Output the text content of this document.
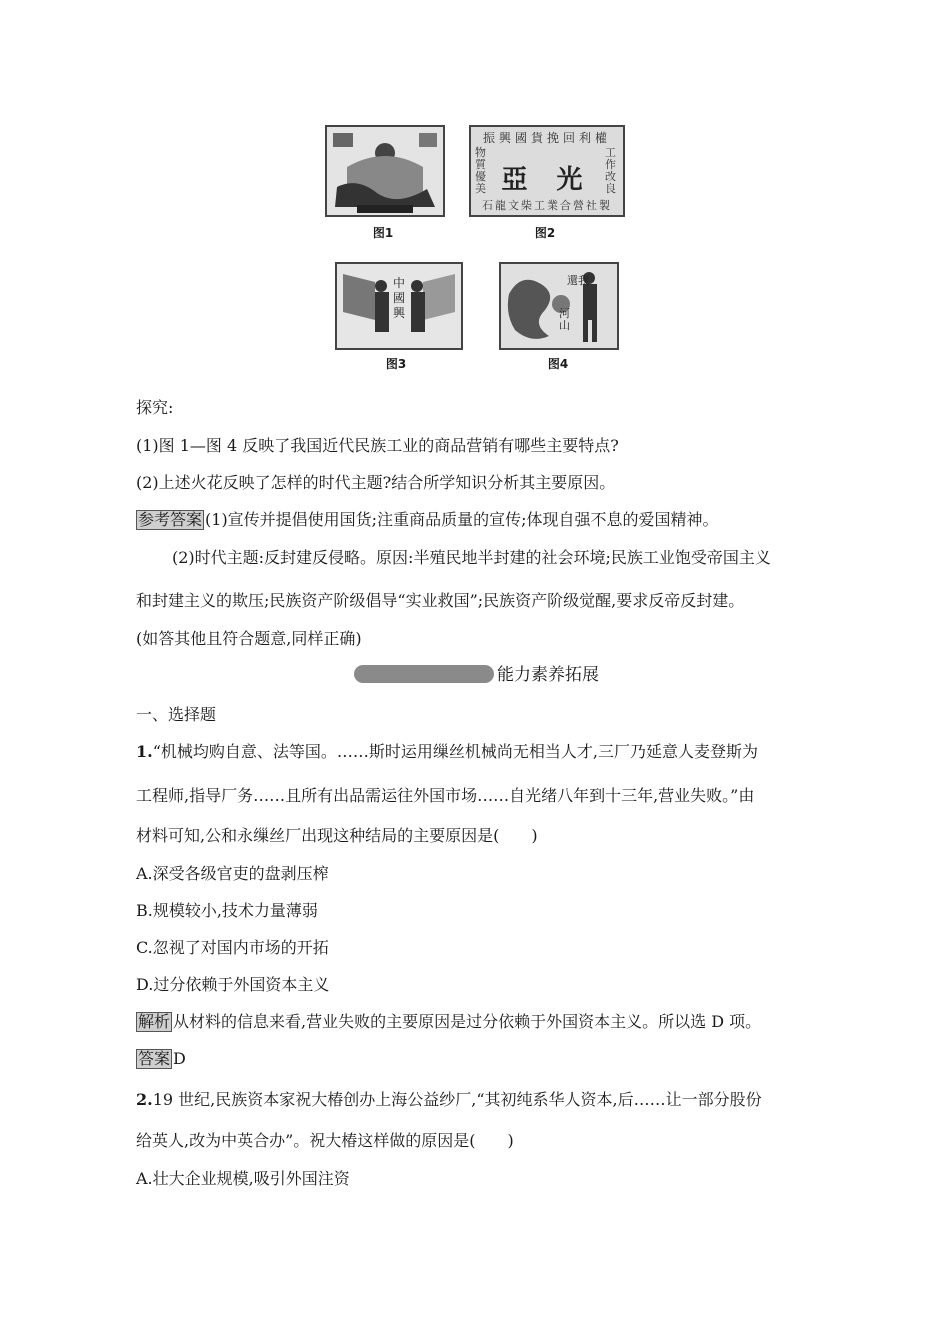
图1
振興國貨挽回利權
物質優美
工作改良
亞 光
石龍文柴工業合營社製
图2
中國興
图3
還我
河山
图4
探究:
(1)图 1—图 4 反映了我国近代民族工业的商品营销有哪些主要特点?
(2)上述火花反映了怎样的时代主题?结合所学知识分析其主要原因。
参考答案 (1)宣传并提倡使用国货;注重商品质量的宣传;体现自强不息的爱国精神。
(2)时代主题:反封建反侵略。原因:半殖民地半封建的社会环境;民族工业饱受帝国主义
和封建主义的欺压;民族资产阶级倡导“实业救国”;民族资产阶级觉醒,要求反帝反封建。
(如答其他且符合题意,同样正确)
能力素养拓展
一、选择题
1.“机械均购自意、法等国。……斯时运用缫丝机械尚无相当人才,三厂乃延意人麦登斯为
工程师,指导厂务……且所有出品需运往外国市场……自光绪八年到十三年,营业失败。”由
材料可知,公和永缫丝厂出现这种结局的主要原因是(　　)
A.深受各级官吏的盘剥压榨
B.规模较小,技术力量薄弱
C.忽视了对国内市场的开拓
D.过分依赖于外国资本主义
解析 从材料的信息来看,营业失败的主要原因是过分依赖于外国资本主义。所以选 D 项。
答案 D
2.19 世纪,民族资本家祝大椿创办上海公益纱厂,“其初纯系华人资本,后……让一部分股份
给英人,改为中英合办”。祝大椿这样做的原因是(　　)
A.壮大企业规模,吸引外国注资
